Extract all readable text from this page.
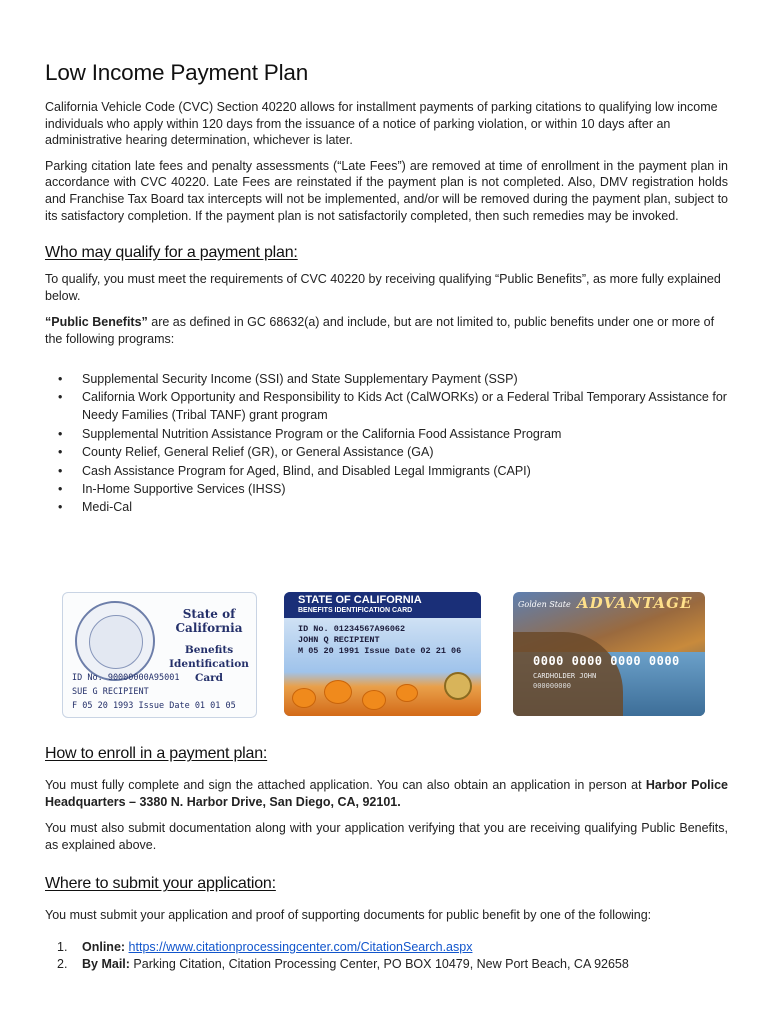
Low Income Payment Plan

California Vehicle Code (CVC) Section 40220 allows for installment payments of parking citations to qualifying low income individuals who apply within 120 days from the issuance of a notice of parking violation, or within 10 days after an administrative hearing determination, whichever is later.

Parking citation late fees and penalty assessments (“Late Fees”) are removed at time of enrollment in the payment plan in accordance with CVC 40220. Late Fees are reinstated if the payment plan is not completed. Also, DMV registration holds and Franchise Tax Board tax intercepts will not be implemented, and/or will be removed during the payment plan, subject to its satisfactory completion. If the payment plan is not satisfactorily completed, then such remedies may be invoked.

Who may qualify for a payment plan:

To qualify, you must meet the requirements of CVC 40220 by receiving qualifying “Public Benefits”, as more fully explained below.

“Public Benefits” are as defined in GC 68632(a) and include, but are not limited to, public benefits under one or more of the following programs:

• Supplemental Security Income (SSI) and State Supplementary Payment (SSP)
• California Work Opportunity and Responsibility to Kids Act (CalWORKs) or a Federal Tribal Temporary Assistance for Needy Families (Tribal TANF) grant program
• Supplemental Nutrition Assistance Program or the California Food Assistance Program
• County Relief, General Relief (GR), or General Assistance (GA)
• Cash Assistance Program for Aged, Blind, and Disabled Legal Immigrants (CAPI)
• In-Home Supportive Services (IHSS)
• Medi-Cal
State of California
Benefits Identification Card
ID No. 90000000A95001
SUE G RECIPIENT
F 05 20 1993 Issue Date 01 01 05
STATE OF CALIFORNIA
BENEFITS IDENTIFICATION CARD
ID No. 01234567A96062
JOHN Q RECIPIENT
M 05 20 1991 Issue Date 02 21 06
Golden State ADVANTAGE
0000 0000 0000 0000
CARDHOLDER JOHN
000000000
How to enroll in a payment plan:

You must fully complete and sign the attached application. You can also obtain an application in person at Harbor Police Headquarters – 3380 N. Harbor Drive, San Diego, CA, 92101.

You must also submit documentation along with your application verifying that you are receiving qualifying Public Benefits, as explained above.

Where to submit your application:

You must submit your application and proof of supporting documents for public benefit by one of the following:

1. Online: https://www.citationprocessingcenter.com/CitationSearch.aspx
2. By Mail: Parking Citation, Citation Processing Center, PO BOX 10479, New Port Beach, CA 92658
